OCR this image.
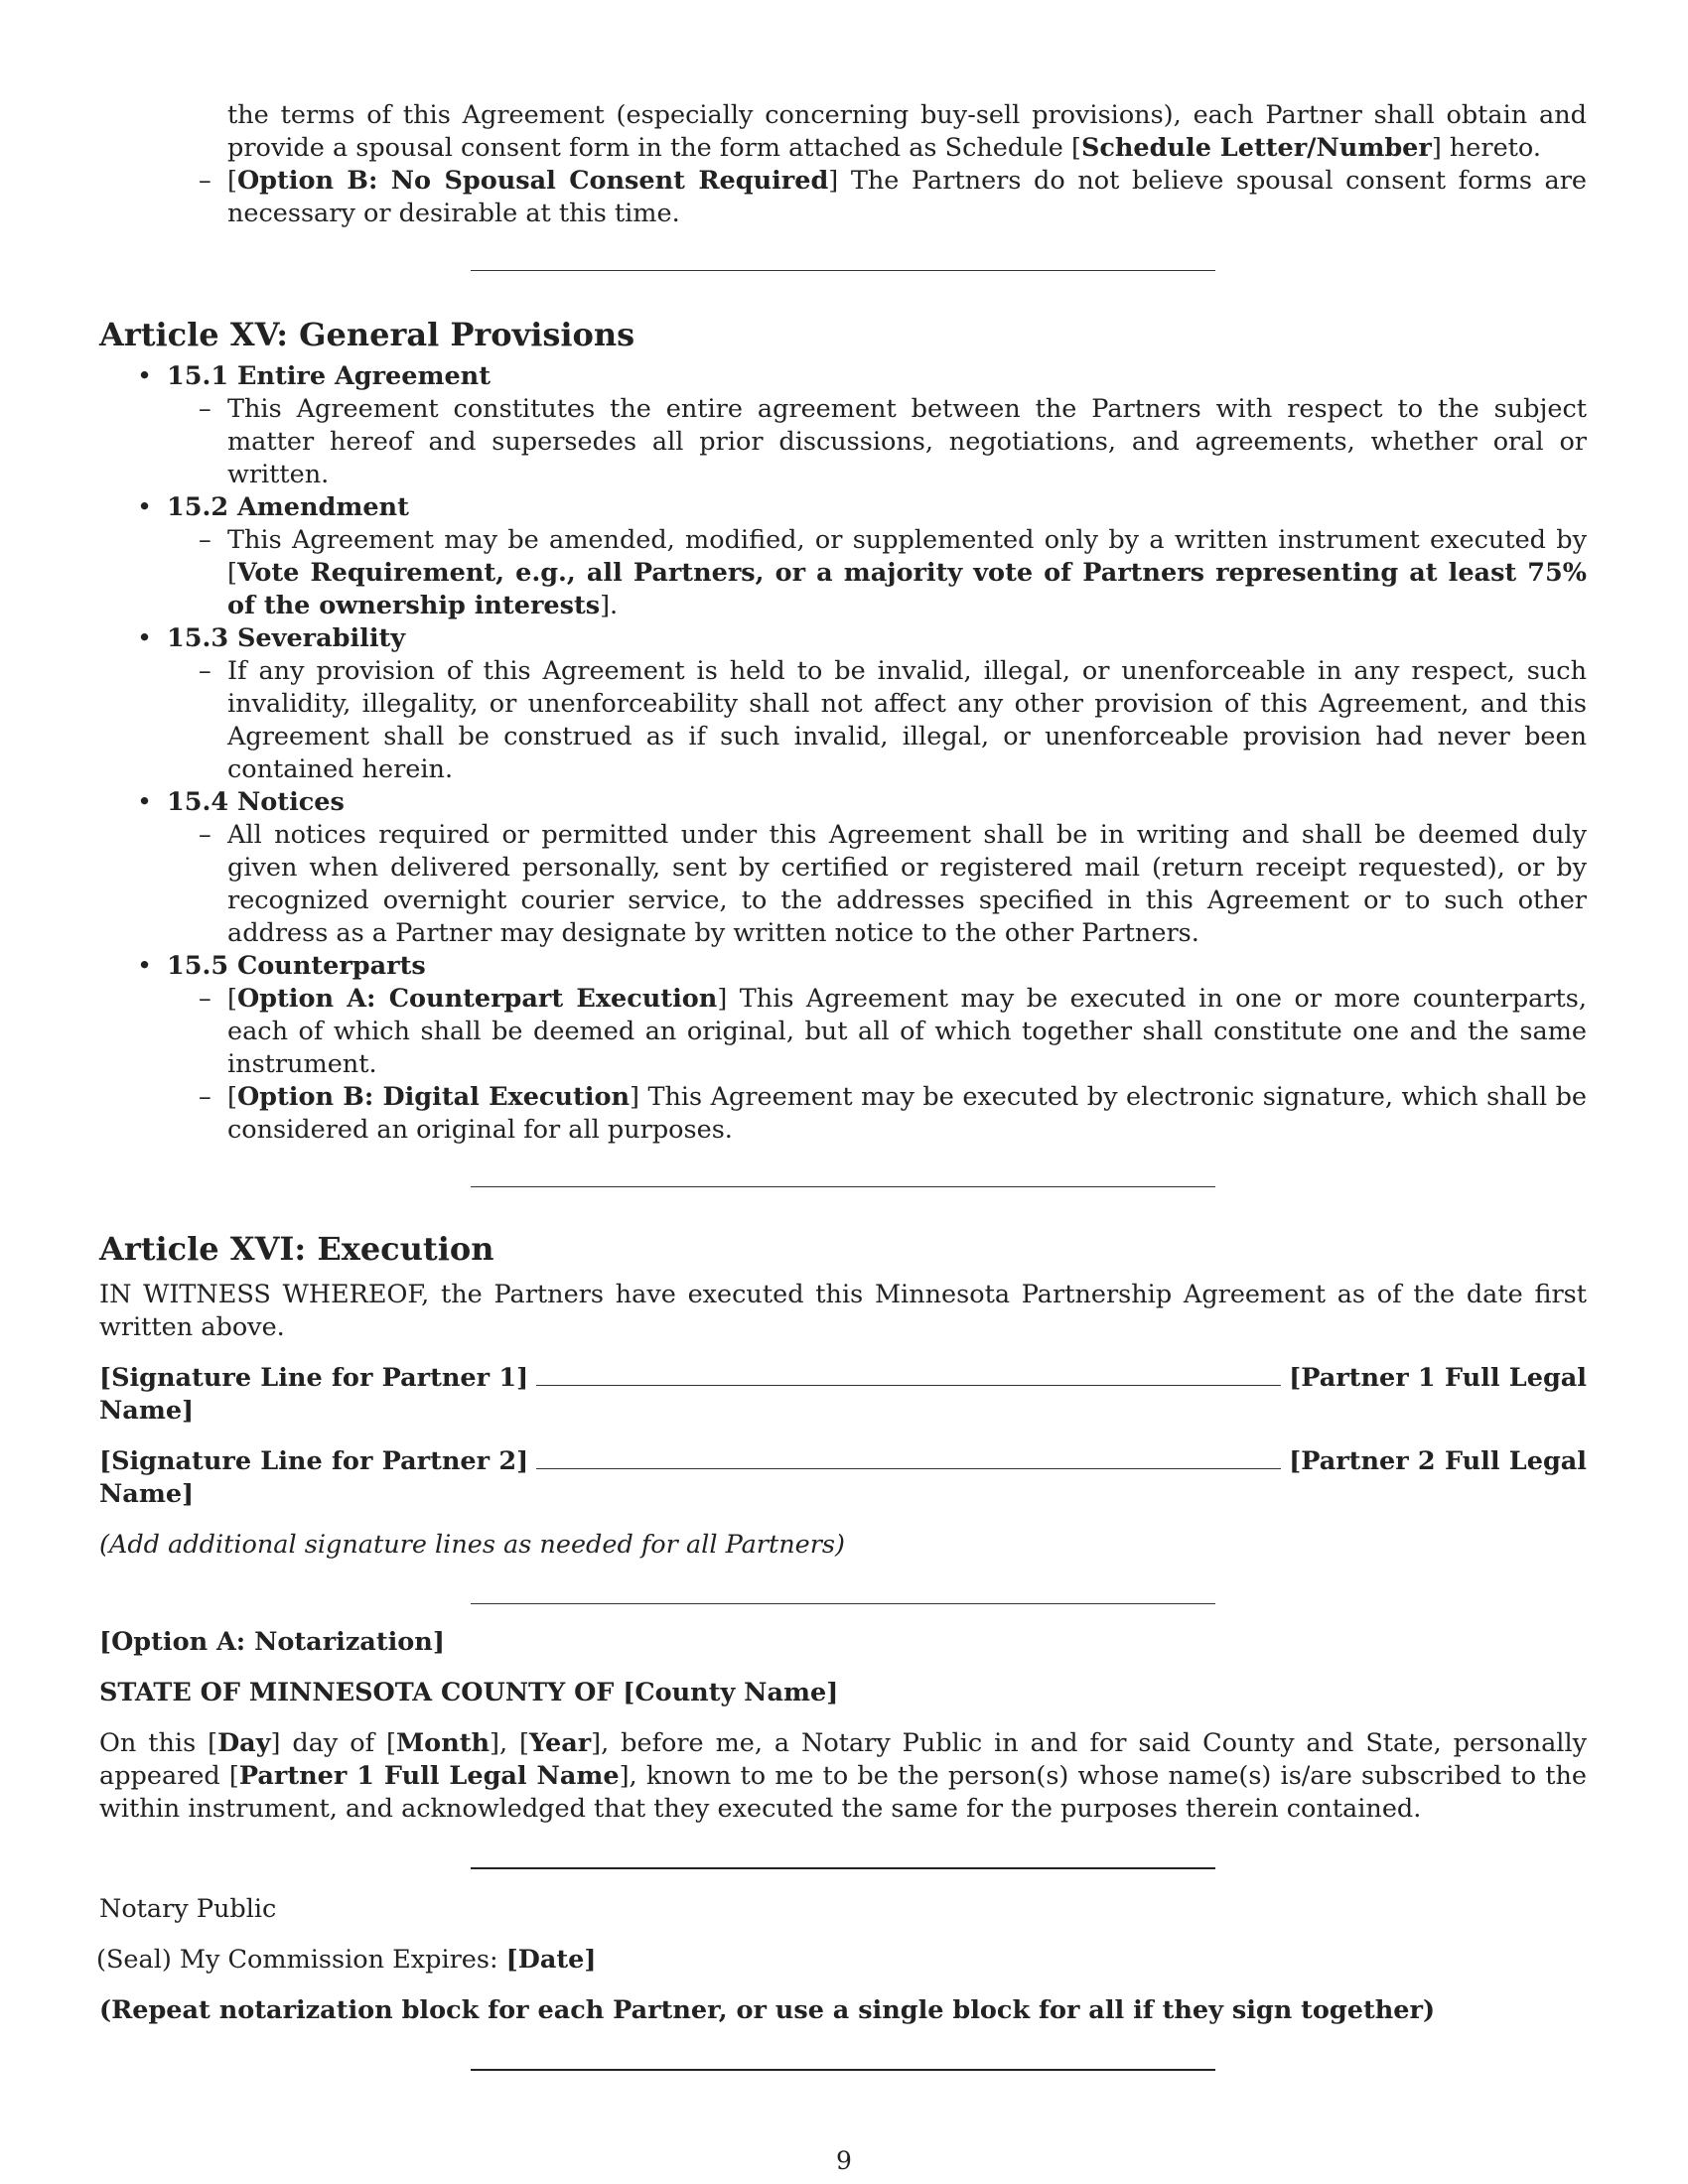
the terms of this Agreement (especially concerning buy-sell provisions), each Partner shall obtain and provide a spousal consent form in the form attached as Schedule [Schedule Letter/Number] hereto.
– [Option B: No Spousal Consent Required] The Partners do not believe spousal consent forms are necessary or desirable at this time.
Article XV: General Provisions
• 15.1 Entire Agreement
– This Agreement constitutes the entire agreement between the Partners with respect to the subject matter hereof and supersedes all prior discussions, negotiations, and agreements, whether oral or written.
• 15.2 Amendment
– This Agreement may be amended, modified, or supplemented only by a written instrument executed by [Vote Requirement, e.g., all Partners, or a majority vote of Partners representing at least 75% of the ownership interests].
• 15.3 Severability
– If any provision of this Agreement is held to be invalid, illegal, or unenforceable in any respect, such invalidity, illegality, or unenforceability shall not affect any other provision of this Agreement, and this Agreement shall be construed as if such invalid, illegal, or unenforceable provision had never been contained herein.
• 15.4 Notices
– All notices required or permitted under this Agreement shall be in writing and shall be deemed duly given when delivered personally, sent by certified or registered mail (return receipt requested), or by recognized overnight courier service, to the addresses specified in this Agreement or to such other address as a Partner may designate by written notice to the other Partners.
• 15.5 Counterparts
– [Option A: Counterpart Execution] This Agreement may be executed in one or more counterparts, each of which shall be deemed an original, but all of which together shall constitute one and the same instrument.
– [Option B: Digital Execution] This Agreement may be executed by electronic signature, which shall be considered an original for all purposes.
Article XVI: Execution

IN WITNESS WHEREOF, the Partners have executed this Minnesota Partnership Agreement as of the date first written above.

[Signature Line for Partner 1]	[Partner 1 Full Legal Name]

[Signature Line for Partner 2]	[Partner 2 Full Legal Name]

(Add additional signature lines as needed for all Partners)

[Option A: Notarization]

STATE OF MINNESOTA COUNTY OF [County Name]

On this [Day] day of [Month], [Year], before me, a Notary Public in and for said County and State, personally appeared [Partner 1 Full Legal Name], known to me to be the person(s) whose name(s) is/are subscribed to the within instrument, and acknowledged that they executed the same for the purposes therein contained.

Notary Public

(Seal) My Commission Expires: [Date]

(Repeat notarization block for each Partner, or use a single block for all if they sign together)

9
